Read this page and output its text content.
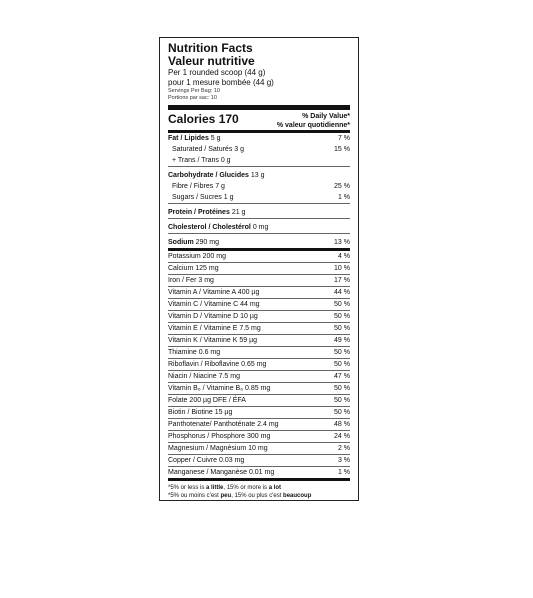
Nutrition Facts
Valeur nutritive
Per 1 rounded scoop (44 g)
pour 1 mesure bombée (44 g)
Servings Per Bag: 10
Portions par sac: 10
Calories 170	% Daily Value*
% valeur quotidienne*
Fat / Lipides 5 g	7 %
Saturated / Saturés 3 g	15 %
+ Trans / Trans 0 g
Carbohydrate / Glucides 13 g
Fibre / Fibres 7 g	25 %
Sugars / Sucres 1 g	1 %
Protein / Protéines 21 g
Cholesterol / Cholestérol 0 mg
Sodium 290 mg	13 %
Potassium 200 mg	4 %
Calcium 125 mg	10 %
Iron / Fer 3 mg	17 %
Vitamin A / Vitamine A 400 µg	44 %
Vitamin C / Vitamine C 44 mg	50 %
Vitamin D / Vitamine D 10 µg	50 %
Vitamin E / Vitamine E 7.5 mg	50 %
Vitamin K / Vitamine K 59 µg	49 %
Thiamine 0.6 mg	50 %
Riboflavin / Riboflavine 0.65 mg	50 %
Niacin / Niacine 7.5 mg	47 %
Vitamin B₆ / Vitamine B₆ 0.85 mg	50 %
Folate 200 µg DFE / ÉFA	50 %
Biotin / Biotine 15 µg	50 %
Panthotenate/ Panthoténate 2.4 mg	48 %
Phosphorus / Phosphore 300 mg	24 %
Magnesium / Magnésium 10 mg	2 %
Copper / Cuivre 0.03 mg	3 %
Manganese / Manganèse 0.01 mg	1 %
*5% or less is a little, 15% or more is a lot
*5% ou moins c'est peu, 15% ou plus c'est beaucoup
